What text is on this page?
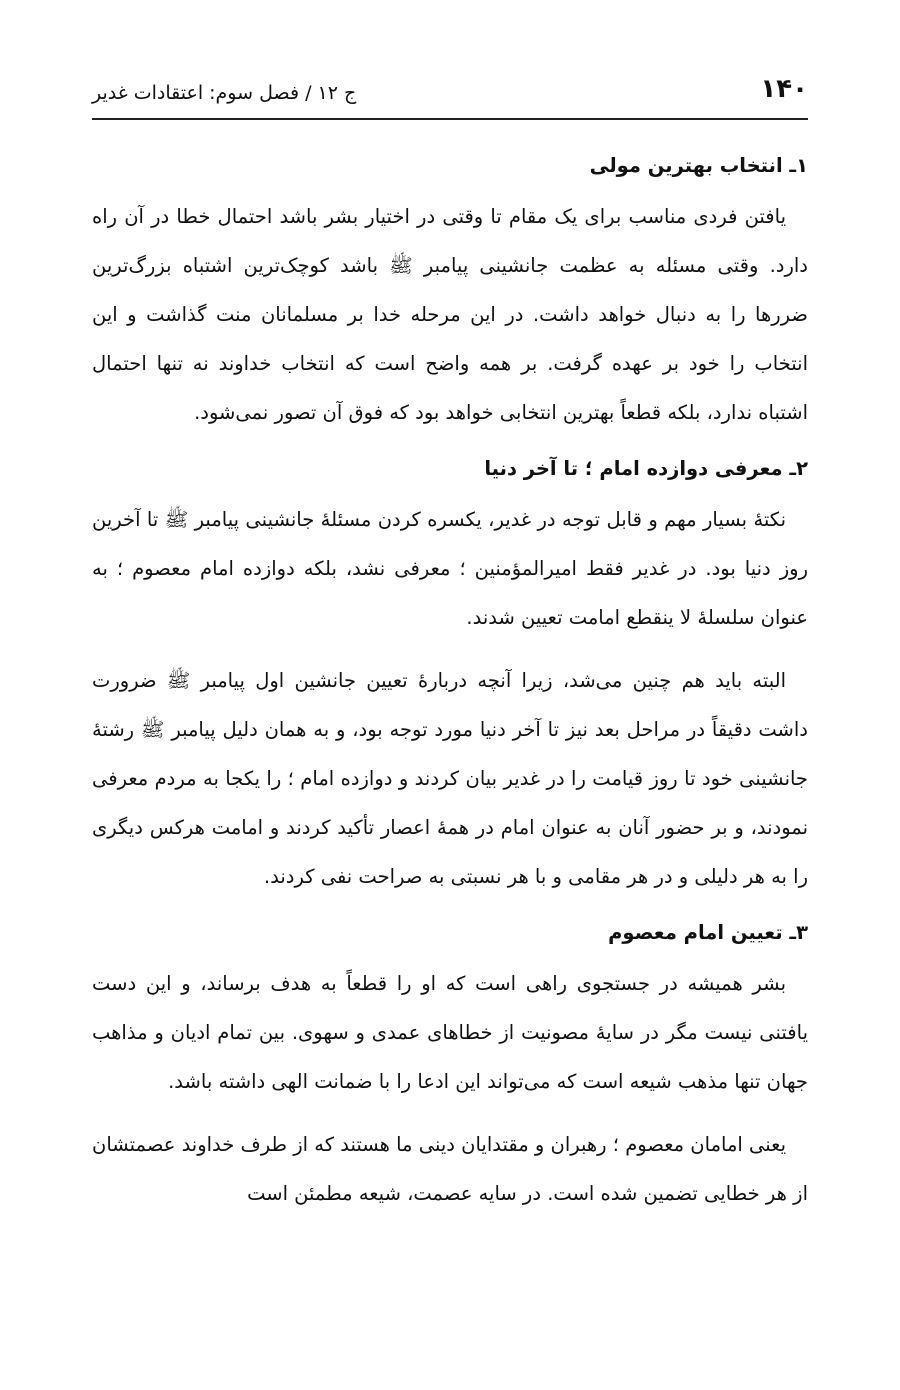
۱۴۰
ج ۱۲ / فصل سوم: اعتقادات غدیر
۱ـ انتخاب بهترین مولی

یافتن فردی مناسب برای یک مقام تا وقتی در اختیار بشر باشد احتمال خطا در آن راه دارد. وقتی مسئله به عظمت جانشینی پیامبر ﷺ باشد کوچک‌ترین اشتباه بزرگ‌ترین ضررها را به دنبال خواهد داشت. در این مرحله خدا بر مسلمانان منت گذاشت و این انتخاب را خود بر عهده گرفت. بر همه واضح است که انتخاب خداوند نه تنها احتمال اشتباه ندارد، بلکه قطعاً بهترین انتخابی خواهد بود که فوق آن تصور نمی‌شود.

۲ـ معرفی دوازده امام ؛ تا آخر دنیا

نکتهٔ بسیار مهم و قابل توجه در غدیر، یکسره کردن مسئلهٔ جانشینی پیامبر ﷺ تا آخرین روز دنیا بود. در غدیر فقط امیرالمؤمنین ؛ معرفی نشد، بلکه دوازده امام معصوم ؛ به عنوان سلسلهٔ لا ینقطع امامت تعیین شدند.

البته باید هم چنین می‌شد، زیرا آنچه دربارهٔ تعیین جانشین اول پیامبر ﷺ ضرورت داشت دقیقاً در مراحل بعد نیز تا آخر دنیا مورد توجه بود، و به همان دلیل پیامبر ﷺ رشتهٔ جانشینی خود تا روز قیامت را در غدیر بیان کردند و دوازده امام ؛ را یکجا به مردم معرفی نمودند، و بر حضور آنان به عنوان امام در همهٔ اعصار تأکید کردند و امامت هرکس دیگری را به هر دلیلی و در هر مقامی و با هر نسبتی به صراحت نفی کردند.

۳ـ تعیین امام معصوم

بشر همیشه در جستجوی راهی است که او را قطعاً به هدف برساند، و این دست یافتنی نیست مگر در سایهٔ مصونیت از خطاهای عمدی و سهوی. بین تمام ادیان و مذاهب جهان تنها مذهب شیعه است که می‌تواند این ادعا را با ضمانت الهی داشته باشد.

یعنی امامان معصوم ؛ رهبران و مقتدایان دینی ما هستند که از طرف خداوند عصمتشان از هر خطایی تضمین شده است. در سایه عصمت، شیعه مطمئن است
